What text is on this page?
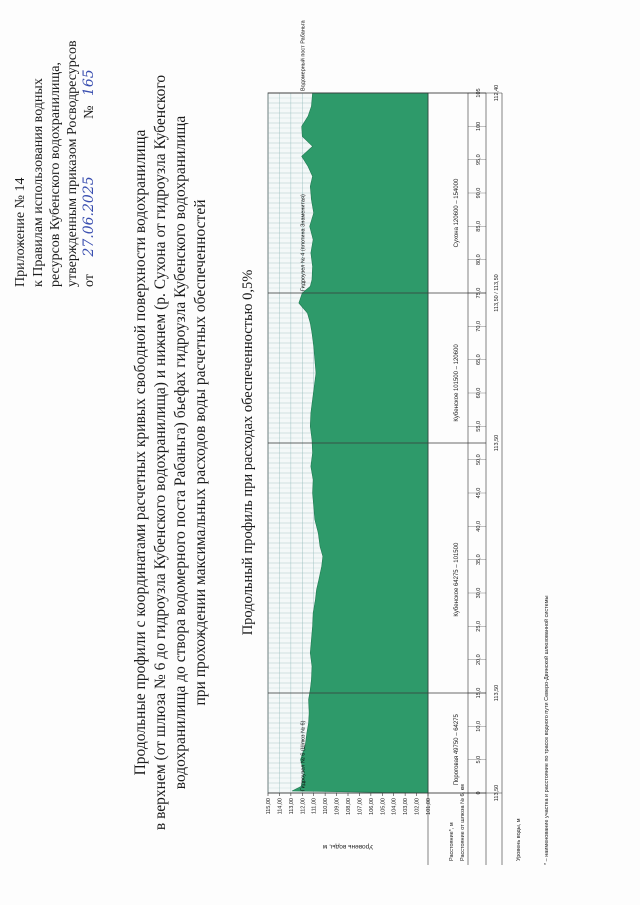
Приложение № 14 к Правилам использования водных ресурсов Кубенского водохранилища, утвержденным приказом Росводресурсов от 27.06.2025 № 165
Продольные профили с координатами расчетных кривых свободной поверхности водохранилища в верхнем (от шлюза № 6 до гидроузла Кубенского водохранилища) и нижнем (р. Сухона от гидроузла Кубенского водохранилища до створа водомерного поста Рабаньга) бьефах гидроузла Кубенского водохранилища при прохождении максимальных расходов воды расчетных обеспеченностей Продольный профиль при расходах обеспеченностью 0,5%
101,00
102,00
103,00
104,00
105,00
106,00
107,00
108,00
109,00
110,00
111,00
112,00
113,00
114,00
115,00
Уровень воды, м	Расстояние*, м Расстояние от шлюза № 6, км	Уровень воды, м
0
5,0
10,0
15,0
20,0
25,0
30,0
35,0
40,0
45,0
50,0
55,0
60,0
65,0
70,0
75,0
80,0
85,0
90,0
95,0
100
105
Пороговая 49750 – 64275
Кубенское 64275 – 101500
Кубенское 101500 – 120600
Сухона 120600 – 154000
Гидроузел № 6 (Шлюз № 6)
113,50
113,50
113,50
Гидроузел № 4 (плотина Знаменитая)
113,50 / 113,50
Водомерный пост Рабаньга
112,40
* – наименование участка и расстояние по трассе водного пути Северо-Двинской шлюзованной системы
